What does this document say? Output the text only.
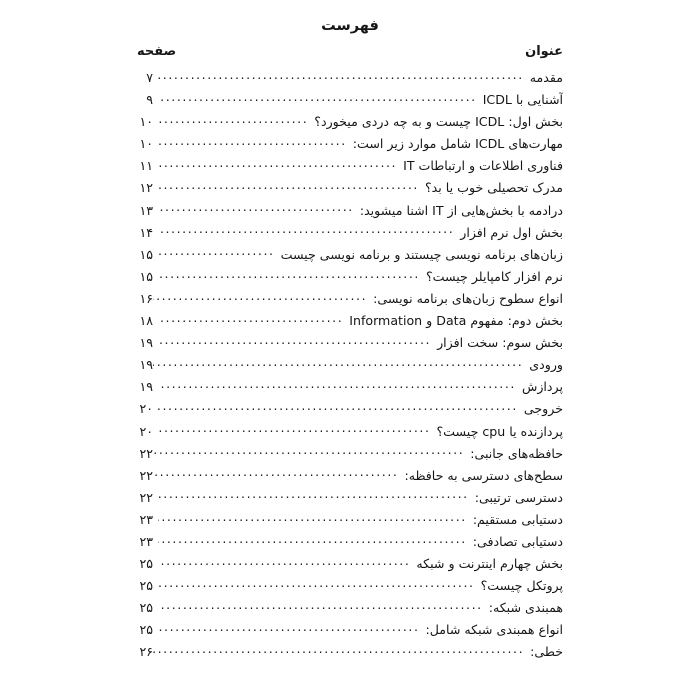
فهرست
عنوان
صفحه
مقدمه
.....
۷
آشنایی با ICDL
.....
۹
بخش اول: ICDL چیست و به چه دردی میخورد؟
.....
۱۰
مهارت‌های ICDL شامل موارد زیر است:
.....
۱۰
فناوری اطلاعات و ارتباطات IT
.....
۱۱
مدرک تحصیلی خوب یا بد؟
.....
۱۲
درادمه با بخش‌هایی از IT اشنا میشوید:
.....
۱۳
بخش اول نرم افزار
.....
۱۴
زبان‌های برنامه نویسی چیستند و برنامه نویسی چیست
.....
۱۵
نرم افزار کامپایلر چیست؟
.....
۱۵
انواع سطوح زبان‌های برنامه نویسی:
.....
۱۶
بخش دوم: مفهوم Data و Information
.....
۱۸
بخش سوم: سخت افزار
.....
۱۹
ورودی
.....
۱۹
پردازش
.....
۱۹
خروجی
.....
۲۰
پردازنده یا cpu چیست؟
.....
۲۰
حافظه‌های جانبی:
.....
۲۲
سطح‌های دسترسی به حافظه:
.....
۲۲
دسترسی ترتیبی:
.....
۲۲
دستیابی مستقیم:
.....
۲۳
دستیابی تصادفی:
.....
۲۳
بخش چهارم اینترنت و شبکه
.....
۲۵
پروتکل چیست؟
.....
۲۵
همبندی شبکه:
.....
۲۵
انواع همبندی شبکه شامل:
.....
۲۵
خطی:
.....
۲۶
